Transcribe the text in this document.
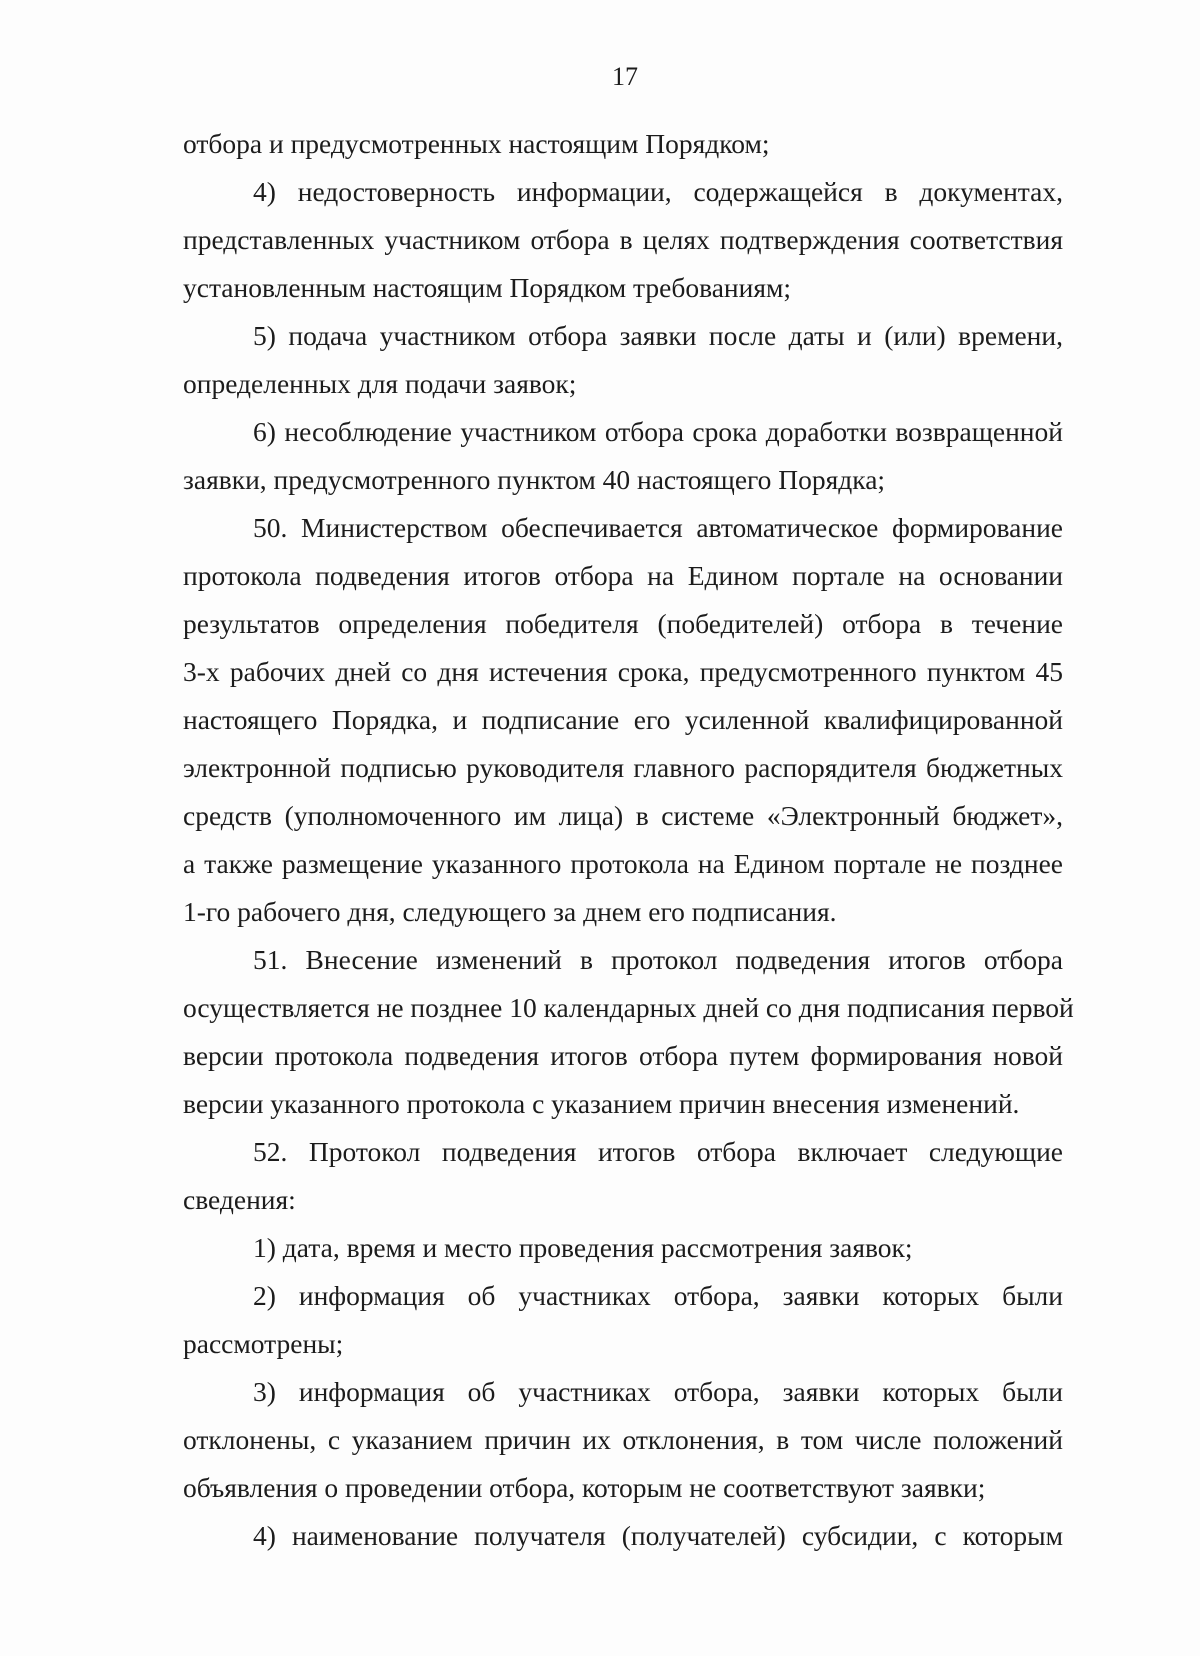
17
отбора и предусмотренных настоящим Порядком;
4) недостоверность информации, содержащейся в документах,
представленных участником отбора в целях подтверждения соответствия
установленным настоящим Порядком требованиям;
5) подача участником отбора заявки после даты и (или) времени,
определенных для подачи заявок;
6) несоблюдение участником отбора срока доработки возвращенной
заявки, предусмотренного пунктом 40 настоящего Порядка;
50. Министерством обеспечивается автоматическое формирование
протокола подведения итогов отбора на Едином портале на основании
результатов определения победителя (победителей) отбора в течение
3-х рабочих дней со дня истечения срока, предусмотренного пунктом 45
настоящего Порядка, и подписание его усиленной квалифицированной
электронной подписью руководителя главного распорядителя бюджетных
средств (уполномоченного им лица) в системе «Электронный бюджет»,
а также размещение указанного протокола на Едином портале не позднее
1-го рабочего дня, следующего за днем его подписания.
51. Внесение изменений в протокол подведения итогов отбора
осуществляется не позднее 10 календарных дней со дня подписания первой
версии протокола подведения итогов отбора путем формирования новой
версии указанного протокола с указанием причин внесения изменений.
52. Протокол подведения итогов отбора включает следующие
сведения:
1) дата, время и место проведения рассмотрения заявок;
2) информация об участниках отбора, заявки которых были
рассмотрены;
3) информация об участниках отбора, заявки которых были
отклонены, с указанием причин их отклонения, в том числе положений
объявления о проведении отбора, которым не соответствуют заявки;
4) наименование получателя (получателей) субсидии, с которым
